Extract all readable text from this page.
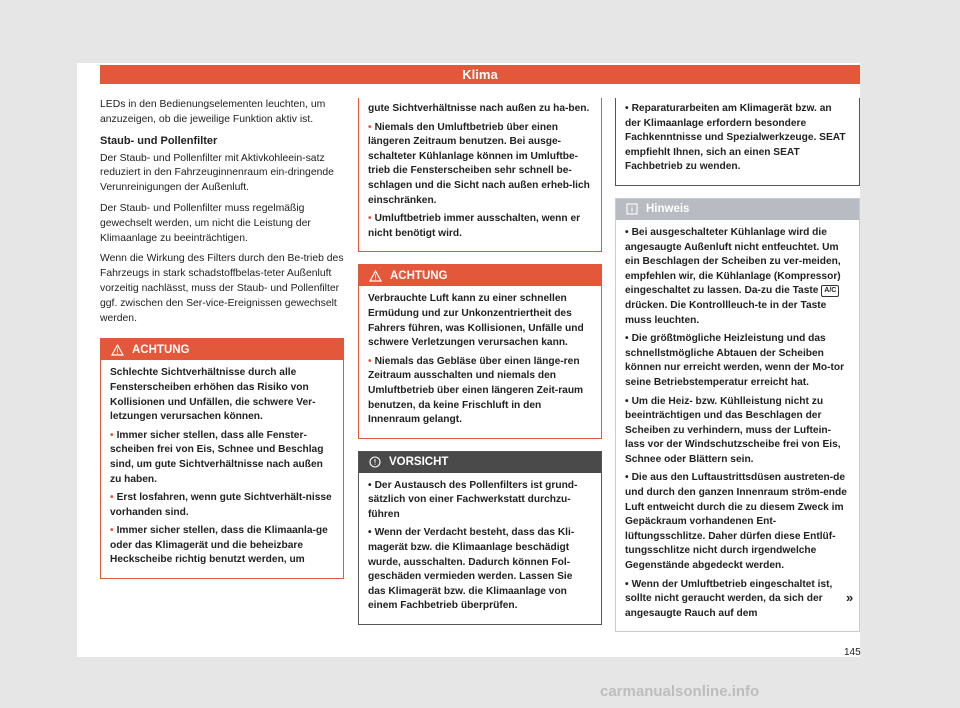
Klima

LEDs in den Bedienungselementen leuchten, um anzuzeigen, ob die jeweilige Funktion aktiv ist.

Staub- und Pollenfilter

Der Staub- und Pollenfilter mit Aktivkohleein-satz reduziert in den Fahrzeuginnenraum ein-dringende Verunreinigungen der Außenluft.

Der Staub- und Pollenfilter muss regelmäßig gewechselt werden, um nicht die Leistung der Klimaanlage zu beeinträchtigen.

Wenn die Wirkung des Filters durch den Be-trieb des Fahrzeugs in stark schadstoffbelas-teter Außenluft vorzeitig nachlässt, muss der Staub- und Pollenfilter ggf. zwischen den Ser-vice-Ereignissen gewechselt werden.

ACHTUNG

Schlechte Sichtverhältnisse durch alle Fensterscheiben erhöhen das Risiko von Kollisionen und Unfällen, die schwere Ver-letzungen verursachen können.

• Immer sicher stellen, dass alle Fenster-scheiben frei von Eis, Schnee und Beschlag sind, um gute Sichtverhältnisse nach außen zu haben.

• Erst losfahren, wenn gute Sichtverhält-nisse vorhanden sind.

• Immer sicher stellen, dass die Klimaanla-ge oder das Klimagerät und die beheizbare Heckscheibe richtig benutzt werden, um

gute Sichtverhältnisse nach außen zu ha-ben.

• Niemals den Umluftbetrieb über einen längeren Zeitraum benutzen. Bei ausge-schalteter Kühlanlage können im Umluftbe-trieb die Fensterscheiben sehr schnell be-schlagen und die Sicht nach außen erheb-lich einschränken.

• Umluftbetrieb immer ausschalten, wenn er nicht benötigt wird.

ACHTUNG

Verbrauchte Luft kann zu einer schnellen Ermüdung und zur Unkonzentriertheit des Fahrers führen, was Kollisionen, Unfälle und schwere Verletzungen verursachen kann.

• Niemals das Gebläse über einen länge-ren Zeitraum ausschalten und niemals den Umluftbetrieb über einen längeren Zeit-raum benutzen, da keine Frischluft in den Innenraum gelangt.

VORSICHT

• Der Austausch des Pollenfilters ist grund-sätzlich von einer Fachwerkstatt durchzu-führen

• Wenn der Verdacht besteht, dass das Kli-magerät bzw. die Klimaanlage beschädigt wurde, ausschalten. Dadurch können Fol-geschäden vermieden werden. Lassen Sie das Klimagerät bzw. die Klimaanlage von einem Fachbetrieb überprüfen.

• Reparaturarbeiten am Klimagerät bzw. an der Klimaanlage erfordern besondere Fachkenntnisse und Spezialwerkzeuge. SEAT empfiehlt Ihnen, sich an einen SEAT Fachbetrieb zu wenden.

Hinweis

• Bei ausgeschalteter Kühlanlage wird die angesaugte Außenluft nicht entfeuchtet. Um ein Beschlagen der Scheiben zu ver-meiden, empfehlen wir, die Kühlanlage (Kompressor) eingeschaltet zu lassen. Da-zu die Taste A/C drücken. Die Kontrollleuch-te in der Taste muss leuchten.

• Die größtmögliche Heizleistung und das schnellstmögliche Abtauen der Scheiben können nur erreicht werden, wenn der Mo-tor seine Betriebstemperatur erreicht hat.

• Um die Heiz- bzw. Kühlleistung nicht zu beeinträchtigen und das Beschlagen der Scheiben zu verhindern, muss der Luftein-lass vor der Windschutzscheibe frei von Eis, Schnee oder Blättern sein.

• Die aus den Luftaustrittsdüsen austreten-de und durch den ganzen Innenraum ström-ende Luft entweicht durch die zu diesem Zweck im Gepäckraum vorhandenen Ent-lüftungsschlitze. Daher dürfen diese Entlüf-tungsschlitze nicht durch irgendwelche Gegenstände abgedeckt werden.

• Wenn der Umluftbetrieb eingeschaltet ist, sollte nicht geraucht werden, da sich der angesaugte Rauch auf dem

»
145
carmanualsonline.info
